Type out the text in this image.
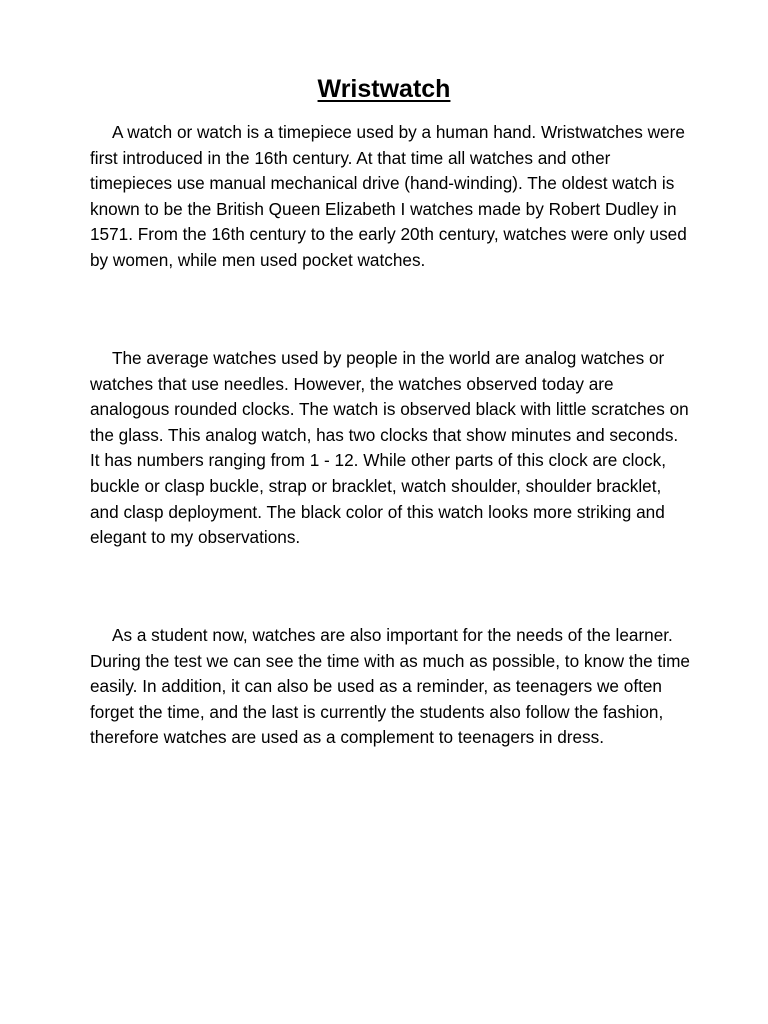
Wristwatch

A watch or watch is a timepiece used by a human hand. Wristwatches were first introduced in the 16th century. At that time all watches and other timepieces use manual mechanical drive (hand-winding). The oldest watch is known to be the British Queen Elizabeth I watches made by Robert Dudley in 1571. From the 16th century to the early 20th century, watches were only used by women, while men used pocket watches.

The average watches used by people in the world are analog watches or watches that use needles. However, the watches observed today are analogous rounded clocks. The watch is observed black with little scratches on the glass. This analog watch, has two clocks that show minutes and seconds. It has numbers ranging from 1 - 12. While other parts of this clock are clock, buckle or clasp buckle, strap or bracklet, watch shoulder, shoulder bracklet, and clasp deployment. The black color of this watch looks more striking and elegant to my observations.

As a student now, watches are also important for the needs of the learner. During the test we can see the time with as much as possible, to know the time easily. In addition, it can also be used as a reminder, as teenagers we often forget the time, and the last is currently the students also follow the fashion, therefore watches are used as a complement to teenagers in dress.
